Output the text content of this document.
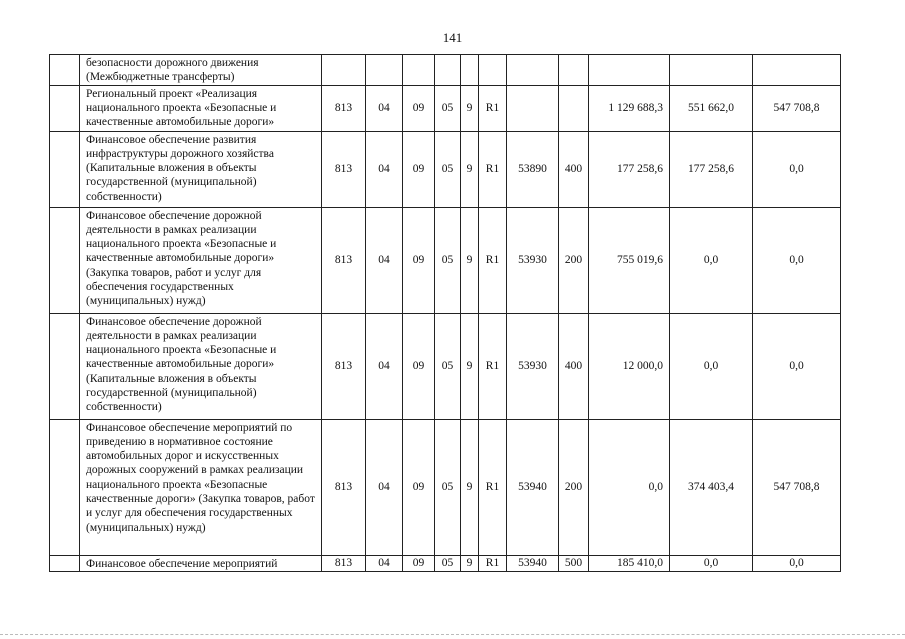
141
	безопасности дорожного движения (Межбюджетные трансферты)											
	Региональный проект «Реализация национального проекта «Безопасные и качественные автомобильные дороги»	813	04	09	05	9	R1			1 129 688,3	551 662,0	547 708,8
	Финансовое обеспечение развития инфраструктуры дорожного хозяйства (Капитальные вложения в объекты государственной (муниципальной) собственности)	813	04	09	05	9	R1	53890	400	177 258,6	177 258,6	0,0
	Финансовое обеспечение дорожной деятельности в рамках реализации национального проекта «Безопасные и качественные автомобильные дороги» (Закупка товаров, работ и услуг для обеспечения государственных (муниципальных) нужд)	813	04	09	05	9	R1	53930	200	755 019,6	0,0	0,0
	Финансовое обеспечение дорожной деятельности в рамках реализации национального проекта «Безопасные и качественные автомобильные дороги» (Капитальные вложения в объекты государственной (муниципальной) собственности)	813	04	09	05	9	R1	53930	400	12 000,0	0,0	0,0
	Финансовое обеспечение мероприятий по приведению в нормативное состояние автомобильных дорог и искусственных дорожных сооружений в рамках реализации национального проекта «Безопасные качественные дороги» (Закупка товаров, работ и услуг для обеспечения государственных (муниципальных) нужд)	813	04	09	05	9	R1	53940	200	0,0	374 403,4	547 708,8
	Финансовое обеспечение мероприятий	813	04	09	05	9	R1	53940	500	185 410,0	0,0	0,0
